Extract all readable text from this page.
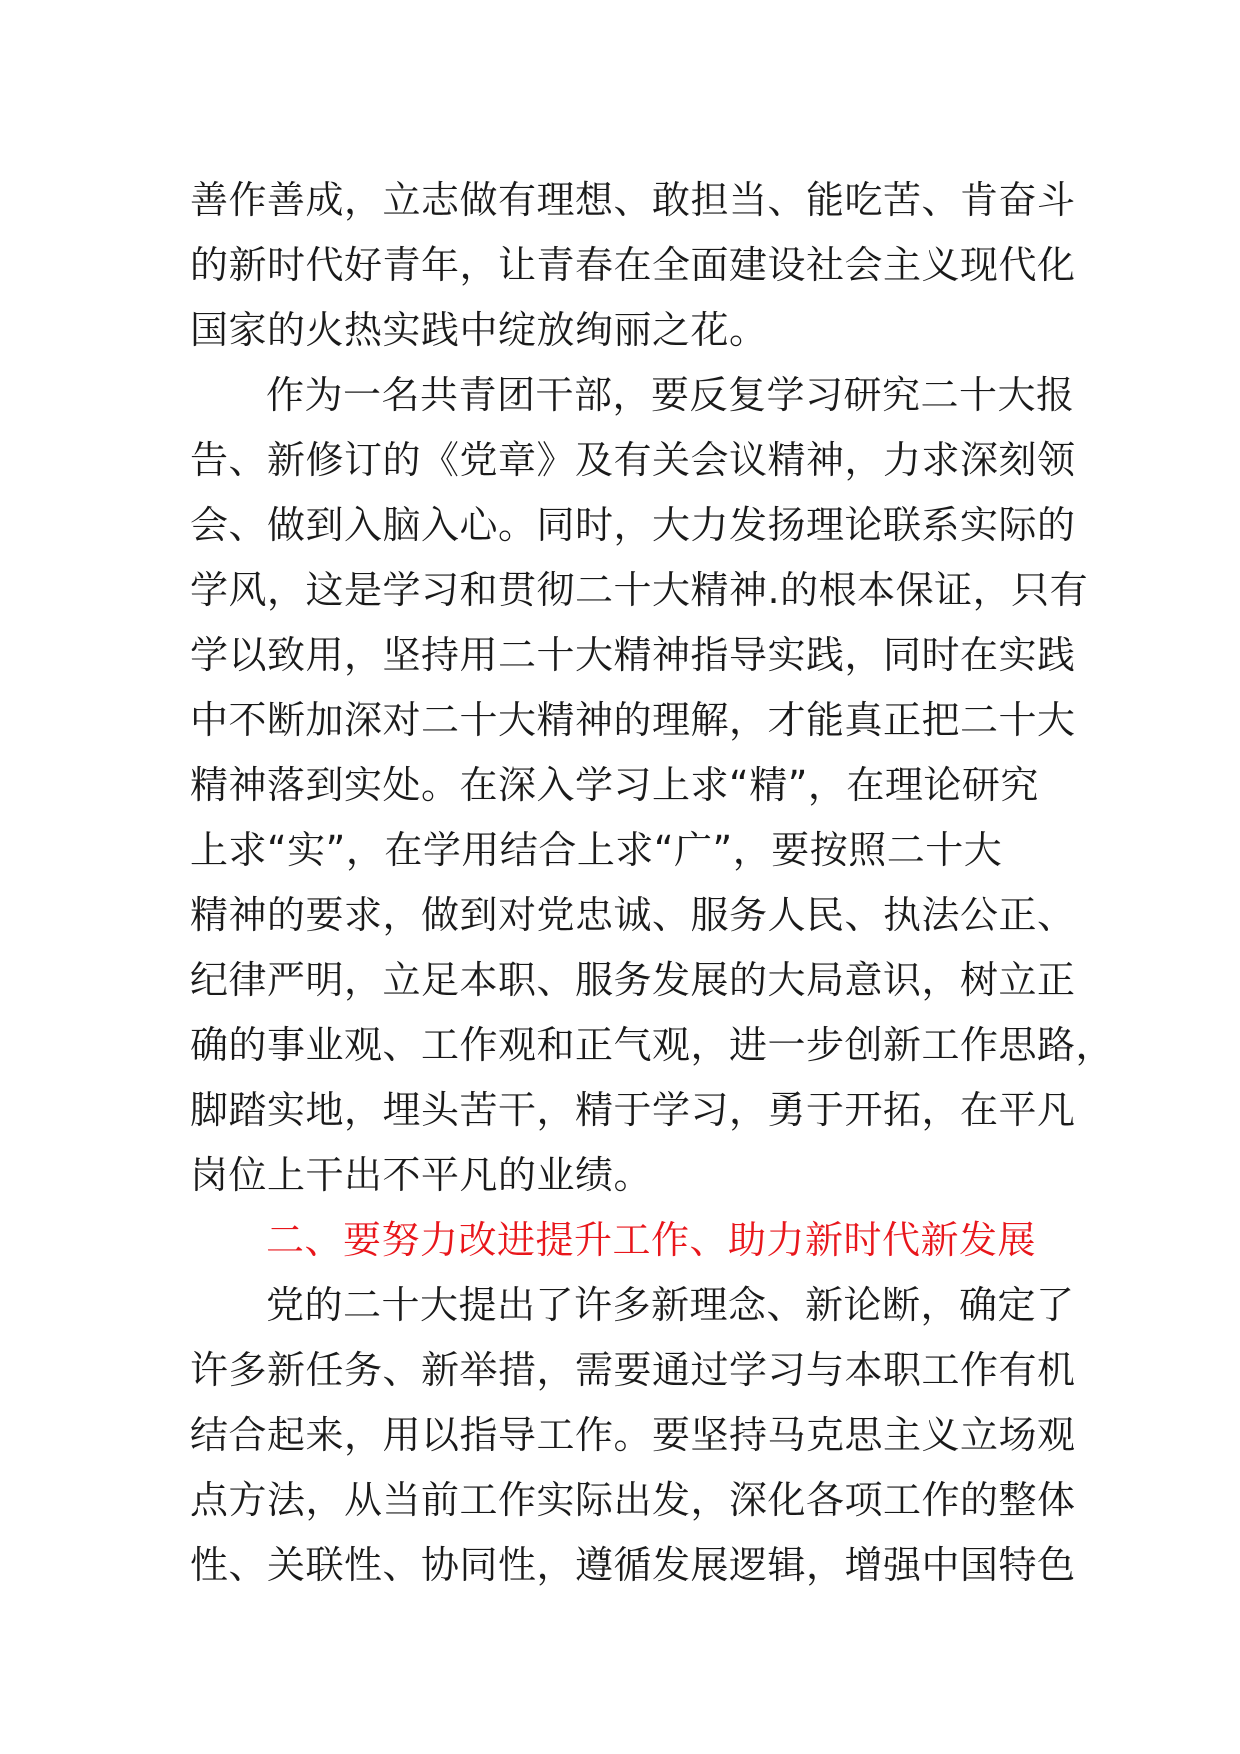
善作善成，立志做有理想、敢担当、能吃苦、肯奋斗
的新时代好青年，让青春在全面建设社会主义现代化
国家的火热实践中绽放绚丽之花。
作为一名共青团干部，要反复学习研究二十大报
告、新修订的《党章》及有关会议精神，力求深刻领
会、做到入脑入心。同时，大力发扬理论联系实际的
学风，这是学习和贯彻二十大精神.的根本保证，只有
学以致用，坚持用二十大精神指导实践，同时在实践
中不断加深对二十大精神的理解，才能真正把二十大
精神落到实处。在深入学习上求“精”，在理论研究
上求“实”，在学用结合上求“广”，要按照二十大
精神的要求，做到对党忠诚、服务人民、执法公正、
纪律严明，立足本职、服务发展的大局意识，树立正
确的事业观、工作观和正气观，进一步创新工作思路，
脚踏实地，埋头苦干，精于学习，勇于开拓，在平凡
岗位上干出不平凡的业绩。
二、要努力改进提升工作、助力新时代新发展
党的二十大提出了许多新理念、新论断，确定了
许多新任务、新举措，需要通过学习与本职工作有机
结合起来，用以指导工作。要坚持马克思主义立场观
点方法，从当前工作实际出发，深化各项工作的整体
性、关联性、协同性，遵循发展逻辑，增强中国特色
